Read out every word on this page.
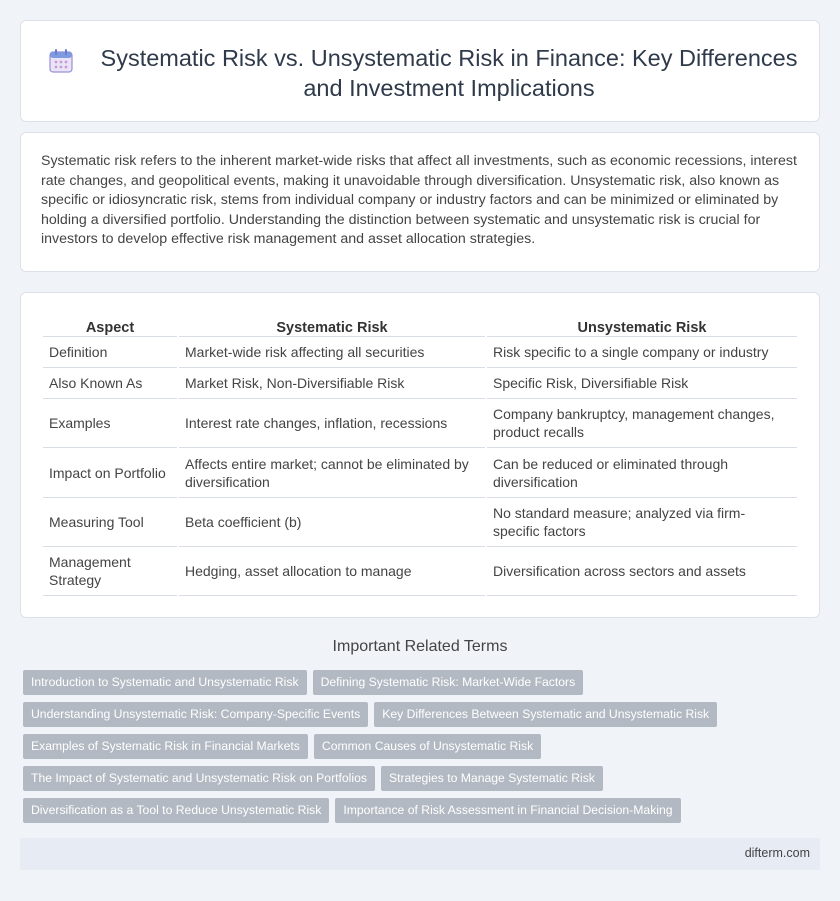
Systematic Risk vs. Unsystematic Risk in Finance: Key Differences and Investment Implications

Systematic risk refers to the inherent market-wide risks that affect all investments, such as economic recessions, interest rate changes, and geopolitical events, making it unavoidable through diversification. Unsystematic risk, also known as specific or idiosyncratic risk, stems from individual company or industry factors and can be minimized or eliminated by holding a diversified portfolio. Understanding the distinction between systematic and unsystematic risk is crucial for investors to develop effective risk management and asset allocation strategies.

Aspect	Systematic Risk	Unsystematic Risk
Definition	Market-wide risk affecting all securities	Risk specific to a single company or industry
Also Known As	Market Risk, Non-Diversifiable Risk	Specific Risk, Diversifiable Risk
Examples	Interest rate changes, inflation, recessions	Company bankruptcy, management changes, product recalls
Impact on Portfolio	Affects entire market; cannot be eliminated by diversification	Can be reduced or eliminated through diversification
Measuring Tool	Beta coefficient (b)	No standard measure; analyzed via firm-specific factors
Management Strategy	Hedging, asset allocation to manage	Diversification across sectors and assets
Important Related Terms
Introduction to Systematic and Unsystematic Risk Defining Systematic Risk: Market-Wide Factors
Understanding Unsystematic Risk: Company-Specific Events Key Differences Between Systematic and Unsystematic Risk
Examples of Systematic Risk in Financial Markets Common Causes of Unsystematic Risk
The Impact of Systematic and Unsystematic Risk on Portfolios Strategies to Manage Systematic Risk
Diversification as a Tool to Reduce Unsystematic Risk Importance of Risk Assessment in Financial Decision-Making
difterm.com
